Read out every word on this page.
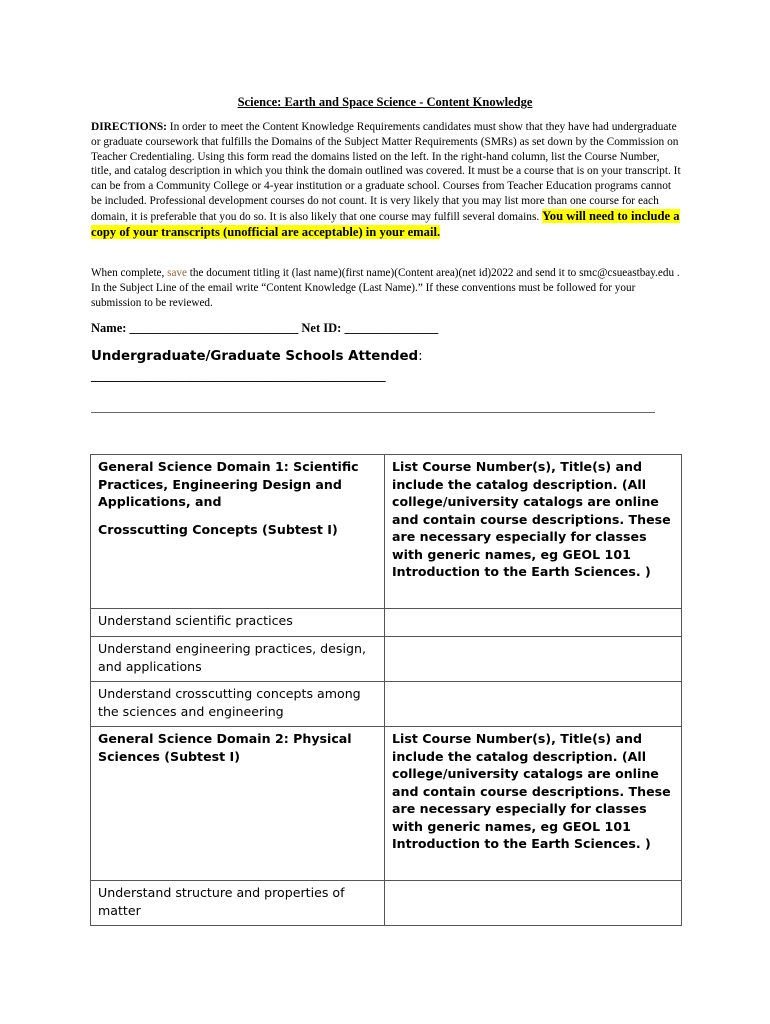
Science: Earth and Space Science - Content Knowledge
DIRECTIONS: In order to meet the Content Knowledge Requirements candidates must show that they have had undergraduate or graduate coursework that fulfills the Domains of the Subject Matter Requirements (SMRs) as set down by the Commission on Teacher Credentialing. Using this form read the domains listed on the left. In the right-hand column, list the Course Number, title, and catalog description in which you think the domain outlined was covered. It must be a course that is on your transcript. It can be from a Community College or 4-year institution or a graduate school. Courses from Teacher Education programs cannot be included. Professional development courses do not count. It is very likely that you may list more than one course for each domain, it is preferable that you do so. It is also likely that one course may fulfill several domains. You will need to include a copy of your transcripts (unofficial are acceptable) in your email.
When complete, save the document titling it (last name)(first name)(Content area)(net id)2022 and send it to smc@csueastbay.edu . In the Subject Line of the email write “Content Knowledge (Last Name).” If these conventions must be followed for your submission to be reviewed.
Name: ___________________________ Net ID: _______________
Undergraduate/Graduate Schools Attended:
____________________________________________
______________________________________________________________________________________________

General Science Domain 1: Scientific Practices, Engineering Design and Applications, and

Crosscutting Concepts (Subtest I)	List Course Number(s), Title(s) and include the catalog description. (All college/university catalogs are online and contain course descriptions. These are necessary especially for classes with generic names, eg GEOL 101 Introduction to the Earth Sciences. )
Understand scientific practices	
Understand engineering practices, design, and applications	
Understand crosscutting concepts among the sciences and engineering	
General Science Domain 2: Physical Sciences (Subtest I)	List Course Number(s), Title(s) and include the catalog description. (All college/university catalogs are online and contain course descriptions. These are necessary especially for classes with generic names, eg GEOL 101 Introduction to the Earth Sciences. )
Understand structure and properties of matter	
